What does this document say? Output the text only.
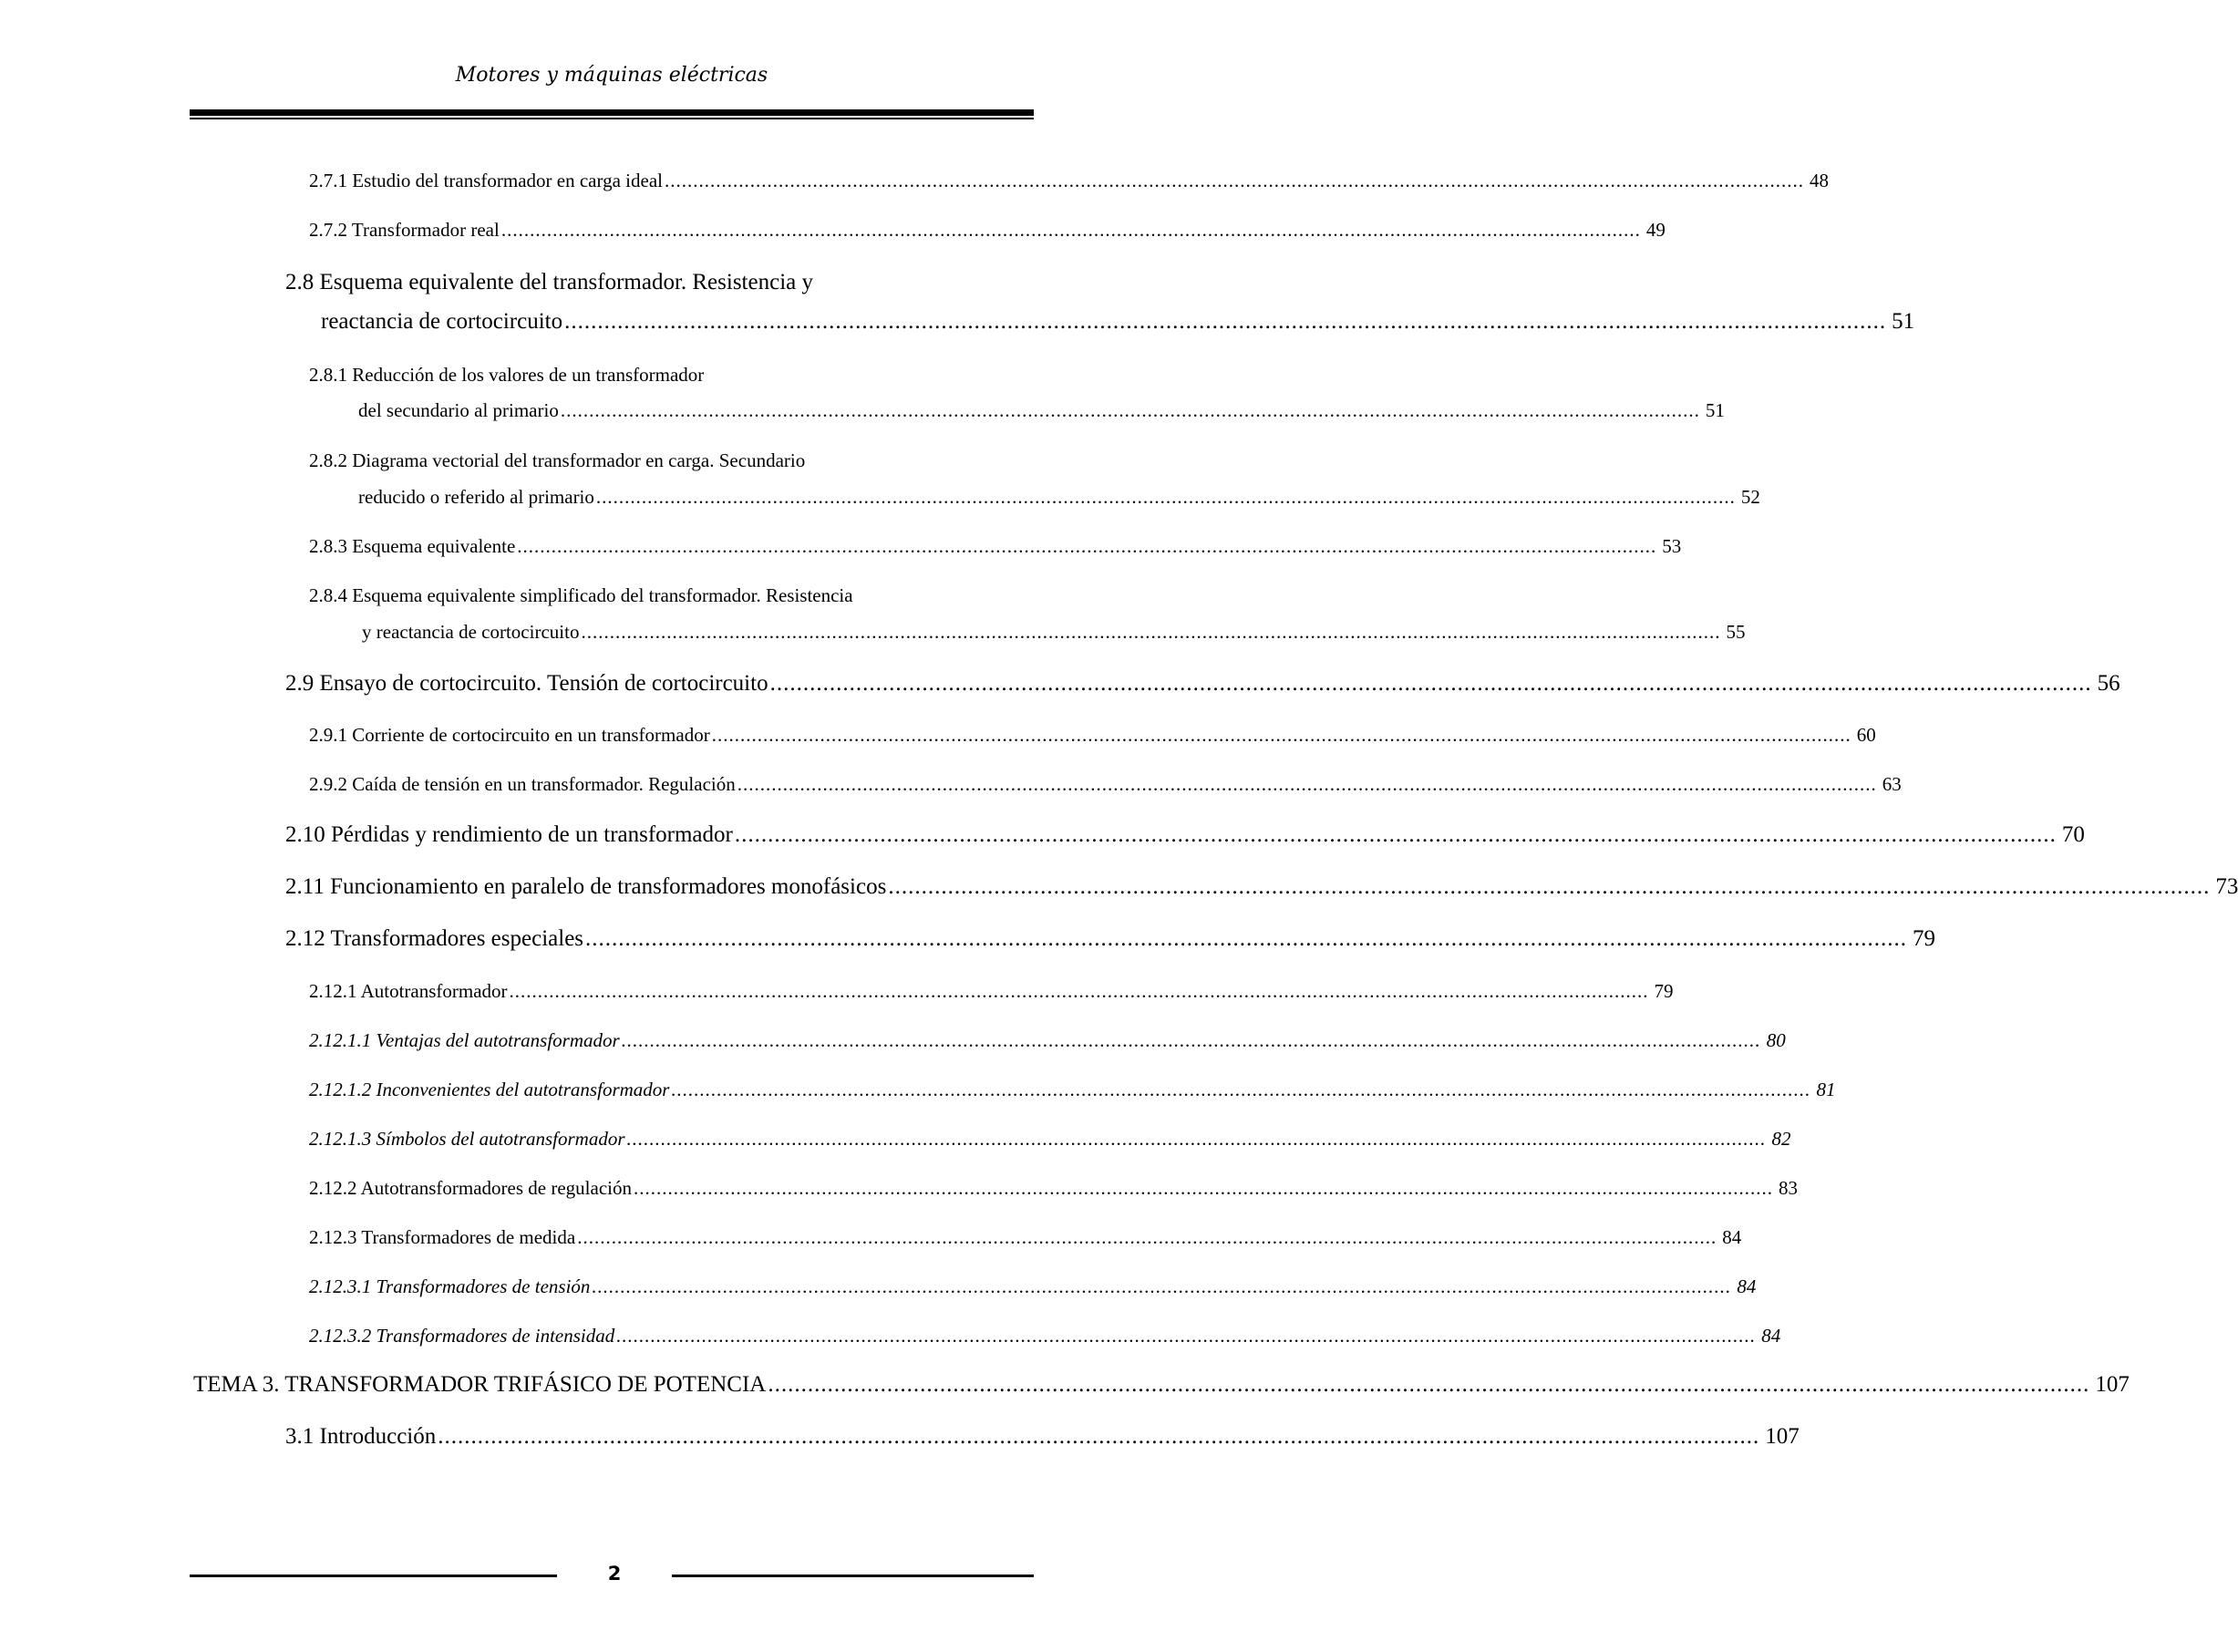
Motores y máquinas eléctricas
2.7.1 Estudio del transformador en carga ideal ........................................................................................................................................................................................................ 48
2.7.2 Transformador real ........................................................................................................................................................................................................ 49
2.8 Esquema equivalente del transformador. Resistencia y
reactancia de cortocircuito ........................................................................................................................................................................................................ 51
2.8.1 Reducción de los valores de un transformador
del secundario al primario ........................................................................................................................................................................................................ 51
2.8.2 Diagrama vectorial del transformador en carga. Secundario
reducido o referido al primario ........................................................................................................................................................................................................ 52
2.8.3 Esquema equivalente ........................................................................................................................................................................................................ 53
2.8.4 Esquema equivalente simplificado del transformador. Resistencia
y reactancia de cortocircuito ........................................................................................................................................................................................................ 55
2.9 Ensayo de cortocircuito. Tensión de cortocircuito ........................................................................................................................................................................................................ 56
2.9.1 Corriente de cortocircuito en un transformador ........................................................................................................................................................................................................ 60
2.9.2 Caída de tensión en un transformador. Regulación ........................................................................................................................................................................................................ 63
2.10 Pérdidas y rendimiento de un transformador ........................................................................................................................................................................................................ 70
2.11 Funcionamiento en paralelo de transformadores monofásicos ........................................................................................................................................................................................................ 73
2.12 Transformadores especiales ........................................................................................................................................................................................................ 79
2.12.1 Autotransformador ........................................................................................................................................................................................................ 79
2.12.1.1 Ventajas del autotransformador ........................................................................................................................................................................................................ 80
2.12.1.2 Inconvenientes del autotransformador ........................................................................................................................................................................................................ 81
2.12.1.3 Símbolos del autotransformador ........................................................................................................................................................................................................ 82
2.12.2 Autotransformadores de regulación ........................................................................................................................................................................................................ 83
2.12.3 Transformadores de medida ........................................................................................................................................................................................................ 84
2.12.3.1 Transformadores de tensión ........................................................................................................................................................................................................ 84
2.12.3.2 Transformadores de intensidad ........................................................................................................................................................................................................ 84
TEMA 3. TRANSFORMADOR TRIFÁSICO DE POTENCIA ........................................................................................................................................................................................................ 107
3.1 Introducción ........................................................................................................................................................................................................ 107
2
